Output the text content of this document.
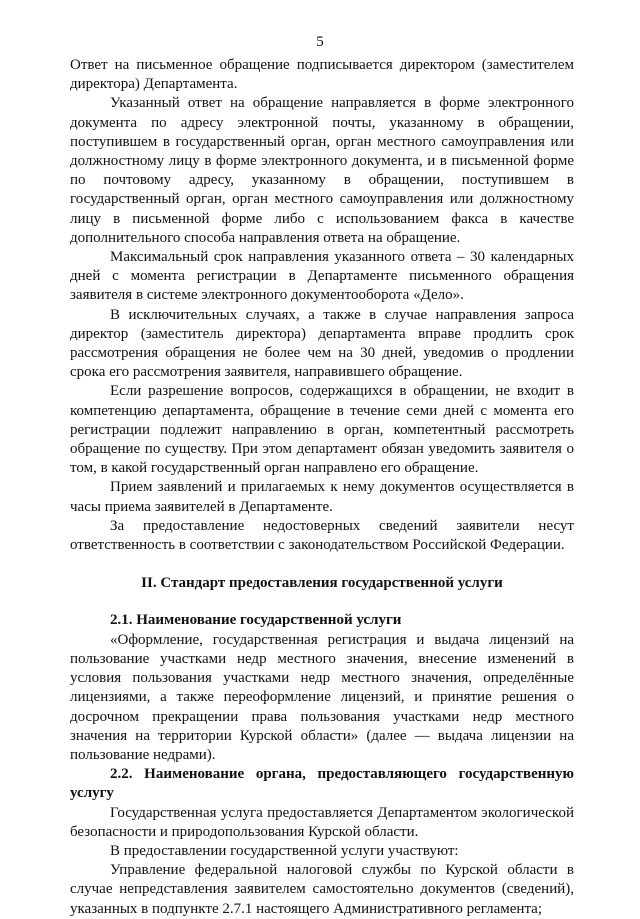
5

Ответ на письменное обращение подписывается директором (заместителем директора) Департамента.

Указанный ответ на обращение направляется в форме электронного документа по адресу электронной почты, указанному в обращении, поступившем в государственный орган, орган местного самоуправления или должностному лицу в форме электронного документа, и в письменной форме по почтовому адресу, указанному в обращении, поступившем в государственный орган, орган местного самоуправления или должностному лицу в письменной форме либо с использованием факса в качестве дополнительного способа направления ответа на обращение.

Максимальный срок направления указанного ответа – 30 календарных дней с момента регистрации в Департаменте письменного обращения заявителя в системе электронного документооборота «Дело».

В исключительных случаях, а также в случае направления запроса директор (заместитель директора) департамента вправе продлить срок рассмотрения обращения не более чем на 30 дней, уведомив о продлении срока его рассмотрения заявителя, направившего обращение.

Если разрешение вопросов, содержащихся в обращении, не входит в компетенцию департамента, обращение в течение семи дней с момента его регистрации подлежит направлению в орган, компетентный рассмотреть обращение по существу. При этом департамент обязан уведомить заявителя о том, в какой государственный орган направлено его обращение.

Прием заявлений и прилагаемых к нему документов осуществляется в часы приема заявителей в Департаменте.

За предоставление недостоверных сведений заявители несут ответственность в соответствии с законодательством Российской Федерации.

II. Стандарт предоставления государственной услуги

2.1. Наименование государственной услуги

«Оформление, государственная регистрация и выдача лицензий на пользование участками недр местного значения, внесение изменений в условия пользования участками недр местного значения, определённые лицензиями, а также переоформление лицензий, и принятие решения о досрочном прекращении права пользования участками недр местного значения на территории Курской области» (далее — выдача лицензии на пользование недрами).

2.2. Наименование органа, предоставляющего государственную услугу

Государственная услуга предоставляется Департаментом экологической безопасности и природопользования Курской области.

В предоставлении государственной услуги участвуют:

Управление федеральной налоговой службы по Курской области в случае непредставления заявителем самостоятельно документов (сведений), указанных в подпункте 2.7.1 настоящего Административного регламента;
